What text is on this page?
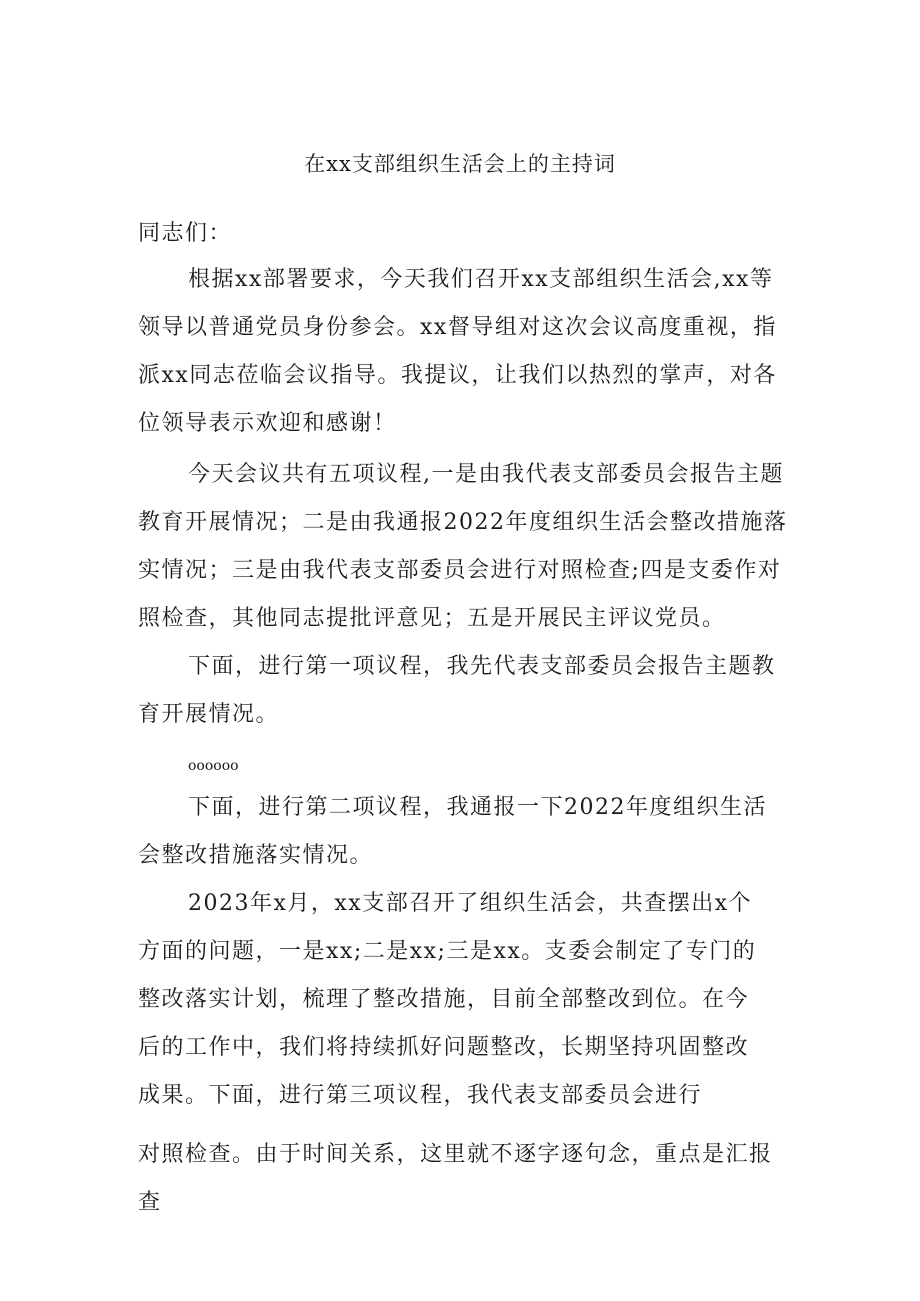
在xx支部组织生活会上的主持词
同志们：
根据xx部署要求，今天我们召开xx支部组织生活会,xx等领导以普通党员身份参会。xx督导组对这次会议高度重视，指派xx同志莅临会议指导。我提议，让我们以热烈的掌声，对各位领导表示欢迎和感谢！
今天会议共有五项议程,一是由我代表支部委员会报告主题教育开展情况；二是由我通报2022年度组织生活会整改措施落实情况；三是由我代表支部委员会进行对照检查;四是支委作对照检查，其他同志提批评意见；五是开展民主评议党员。
下面，进行第一项议程，我先代表支部委员会报告主题教育开展情况。
oooooo
下面，进行第二项议程，我通报一下2022年度组织生活会整改措施落实情况。
2023年x月，xx支部召开了组织生活会，共查摆出x个方面的问题，一是xx;二是xx;三是xx。支委会制定了专门的整改落实计划，梳理了整改措施，目前全部整改到位。在今后的工作中，我们将持续抓好问题整改，长期坚持巩固整改成果。下面，进行第三项议程，我代表支部委员会进行
对照检查。由于时间关系，这里就不逐字逐句念，重点是汇报查
